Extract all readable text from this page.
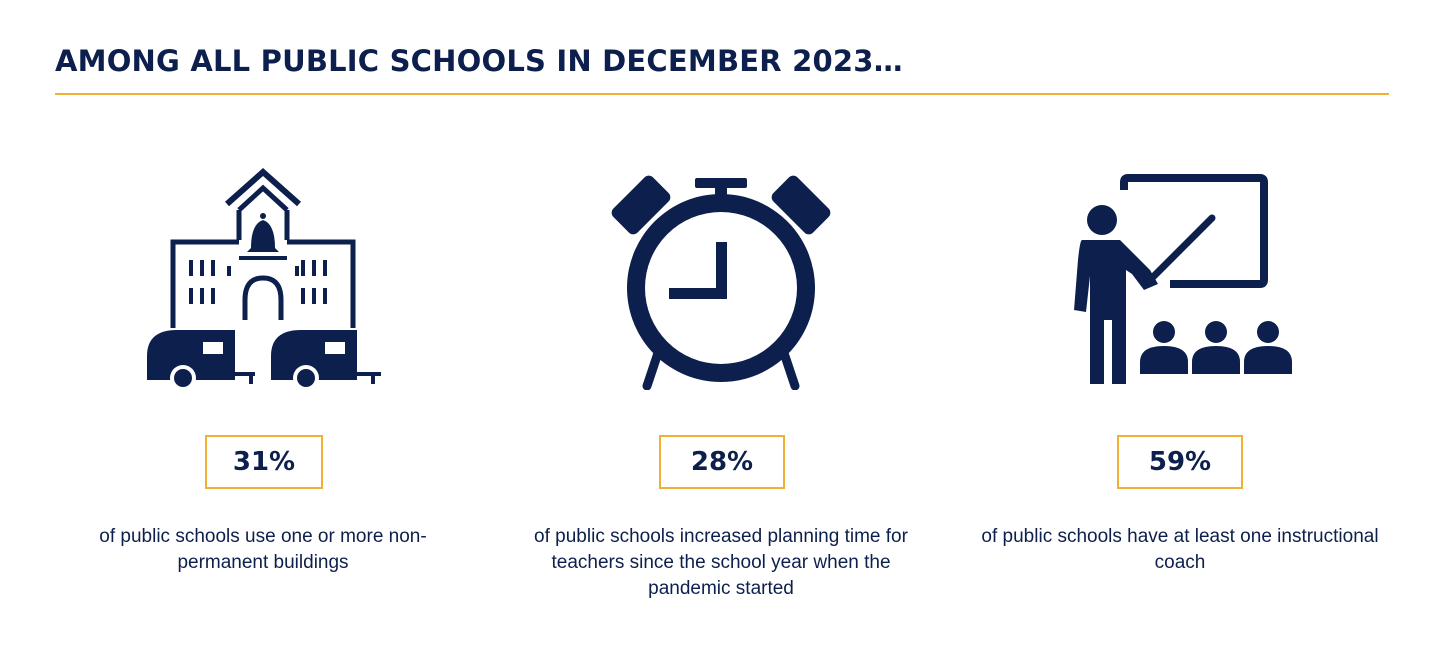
AMONG ALL PUBLIC SCHOOLS IN DECEMBER 2023…
31%
of public schools use one or more non-
permanent buildings
28%
of public schools increased planning time for
teachers since the school year when the
pandemic started
59%
of public schools have at least one instructional
coach
